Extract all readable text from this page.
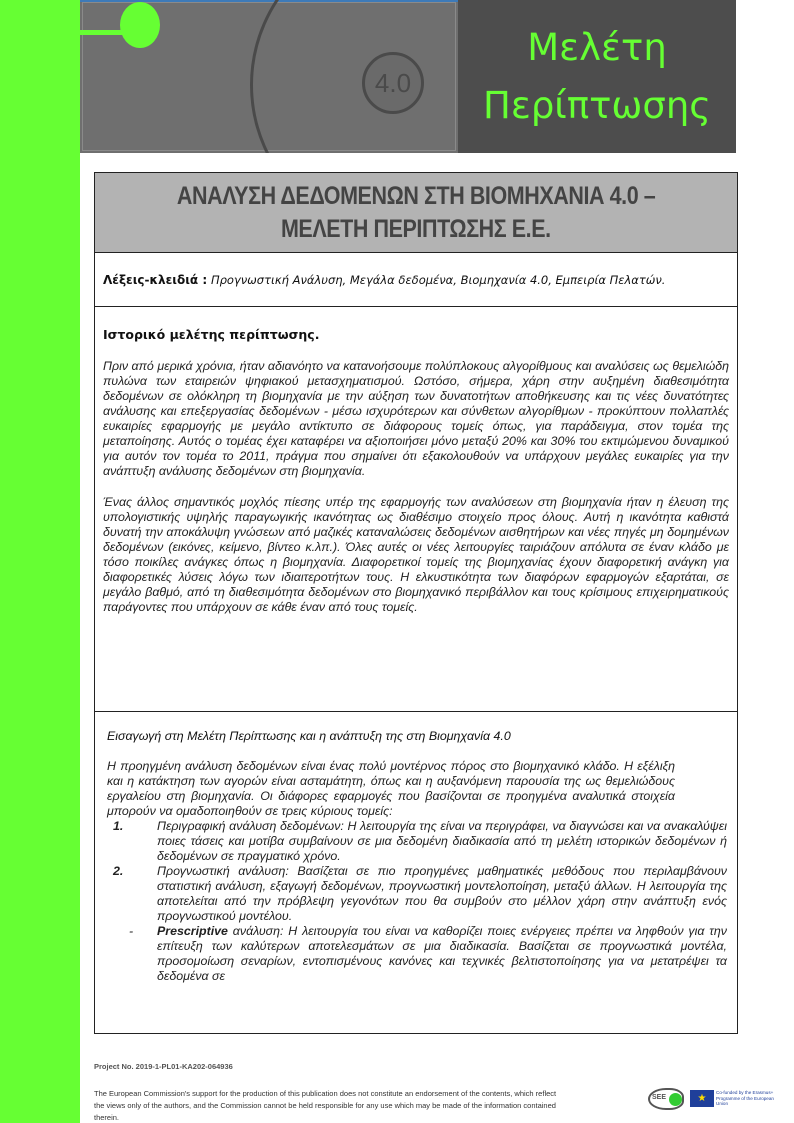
4.0
Μελέτη
Περίπτωσης
ΑΝΑΛΥΣΗ ΔΕΔΟΜΕΝΩΝ ΣΤΗ ΒΙΟΜΗΧΑΝΙΑ 4.0 –
ΜΕΛΕΤΗ ΠΕΡΙΠΤΩΣΗΣ Ε.Ε.
Λέξεις-κλειδιά : Προγνωστική Ανάλυση, Μεγάλα δεδομένα, Βιομηχανία 4.0, Εμπειρία Πελατών.
Ιστορικό μελέτης περίπτωσης.

Πριν από μερικά χρόνια, ήταν αδιανόητο να κατανοήσουμε πολύπλοκους αλγορίθμους και αναλύσεις ως θεμελιώδη πυλώνα των εταιρειών ψηφιακού μετασχηματισμού. Ωστόσο, σήμερα, χάρη στην αυξημένη διαθεσιμότητα δεδομένων σε ολόκληρη τη βιομηχανία με την αύξηση των δυνατοτήτων αποθήκευσης και τις νέες δυνατότητες ανάλυσης και επεξεργασίας δεδομένων - μέσω ισχυρότερων και σύνθετων αλγορίθμων - προκύπτουν πολλαπλές ευκαιρίες εφαρμογής με μεγάλο αντίκτυπο σε διάφορους τομείς όπως, για παράδειγμα, στον τομέα της μεταποίησης. Αυτός ο τομέας έχει καταφέρει να αξιοποιήσει μόνο μεταξύ 20% και 30% του εκτιμώμενου δυναμικού για αυτόν τον τομέα το 2011, πράγμα που σημαίνει ότι εξακολουθούν να υπάρχουν μεγάλες ευκαιρίες για την ανάπτυξη ανάλυσης δεδομένων στη βιομηχανία.

Ένας άλλος σημαντικός μοχλός πίεσης υπέρ της εφαρμογής των αναλύσεων στη βιομηχανία ήταν η έλευση της υπολογιστικής υψηλής παραγωγικής ικανότητας ως διαθέσιμο στοιχείο προς όλους. Αυτή η ικανότητα καθιστά δυνατή την αποκάλυψη γνώσεων από μαζικές καταναλώσεις δεδομένων αισθητήρων και νέες πηγές μη δομημένων δεδομένων (εικόνες, κείμενο, βίντεο κ.λπ.). Όλες αυτές οι νέες λειτουργίες ταιριάζουν απόλυτα σε έναν κλάδο με τόσο ποικίλες ανάγκες όπως η βιομηχανία. Διαφορετικοί τομείς της βιομηχανίας έχουν διαφορετική ανάγκη για διαφορετικές λύσεις λόγω των ιδιαιτεροτήτων τους. Η ελκυστικότητα των διαφόρων εφαρμογών εξαρτάται, σε μεγάλο βαθμό, από τη διαθεσιμότητα δεδομένων στο βιομηχανικό περιβάλλον και τους κρίσιμους επιχειρηματικούς παράγοντες που υπάρχουν σε κάθε έναν από τους τομείς.

Εισαγωγή στη Μελέτη Περίπτωσης και η ανάπτυξη της στη Βιομηχανία 4.0

Η προηγμένη ανάλυση δεδομένων είναι ένας πολύ μοντέρνος πόρος στο βιομηχανικό κλάδο. Η εξέλιξη και η κατάκτηση των αγορών είναι ασταμάτητη, όπως και η αυξανόμενη παρουσία της ως θεμελιώδους εργαλείου στη βιομηχανία. Οι διάφορες εφαρμογές που βασίζονται σε προηγμένα αναλυτικά στοιχεία μπορούν να ομαδοποιηθούν σε τρεις κύριους τομείς:

1.	Περιγραφική ανάλυση δεδομένων: Η λειτουργία της είναι να περιγράφει, να διαγνώσει και να ανακαλύψει ποιες τάσεις και μοτίβα συμβαίνουν σε μια δεδομένη διαδικασία από τη μελέτη ιστορικών δεδομένων ή δεδομένων σε πραγματικό χρόνο.
2.	Προγνωστική ανάλυση: Βασίζεται σε πιο προηγμένες μαθηματικές μεθόδους που περιλαμβάνουν στατιστική ανάλυση, εξαγωγή δεδομένων, προγνωστική μοντελοποίηση, μεταξύ άλλων. Η λειτουργία της αποτελείται από την πρόβλεψη γεγονότων που θα συμβούν στο μέλλον χάρη στην ανάπτυξη ενός προγνωστικού μοντέλου.
-	Prescriptive ανάλυση: Η λειτουργία του είναι να καθορίζει ποιες ενέργειες πρέπει να ληφθούν για την επίτευξη των καλύτερων αποτελεσμάτων σε μια διαδικασία. Βασίζεται σε προγνωστικά μοντέλα, προσομοίωση σεναρίων, εντοπισμένους κανόνες και τεχνικές βελτιστοποίησης για να μετατρέψει τα δεδομένα σε
Project No. 2019-1-PL01-KA202-064936
The European Commission's support for the production of this publication does not constitute an endorsement of the contents, which reflect the views only of the authors, and the Commission cannot be held responsible for any use which may be made of the information contained therein.
SEE	★	Co-funded by the Erasmus+ Programme of the European Union
